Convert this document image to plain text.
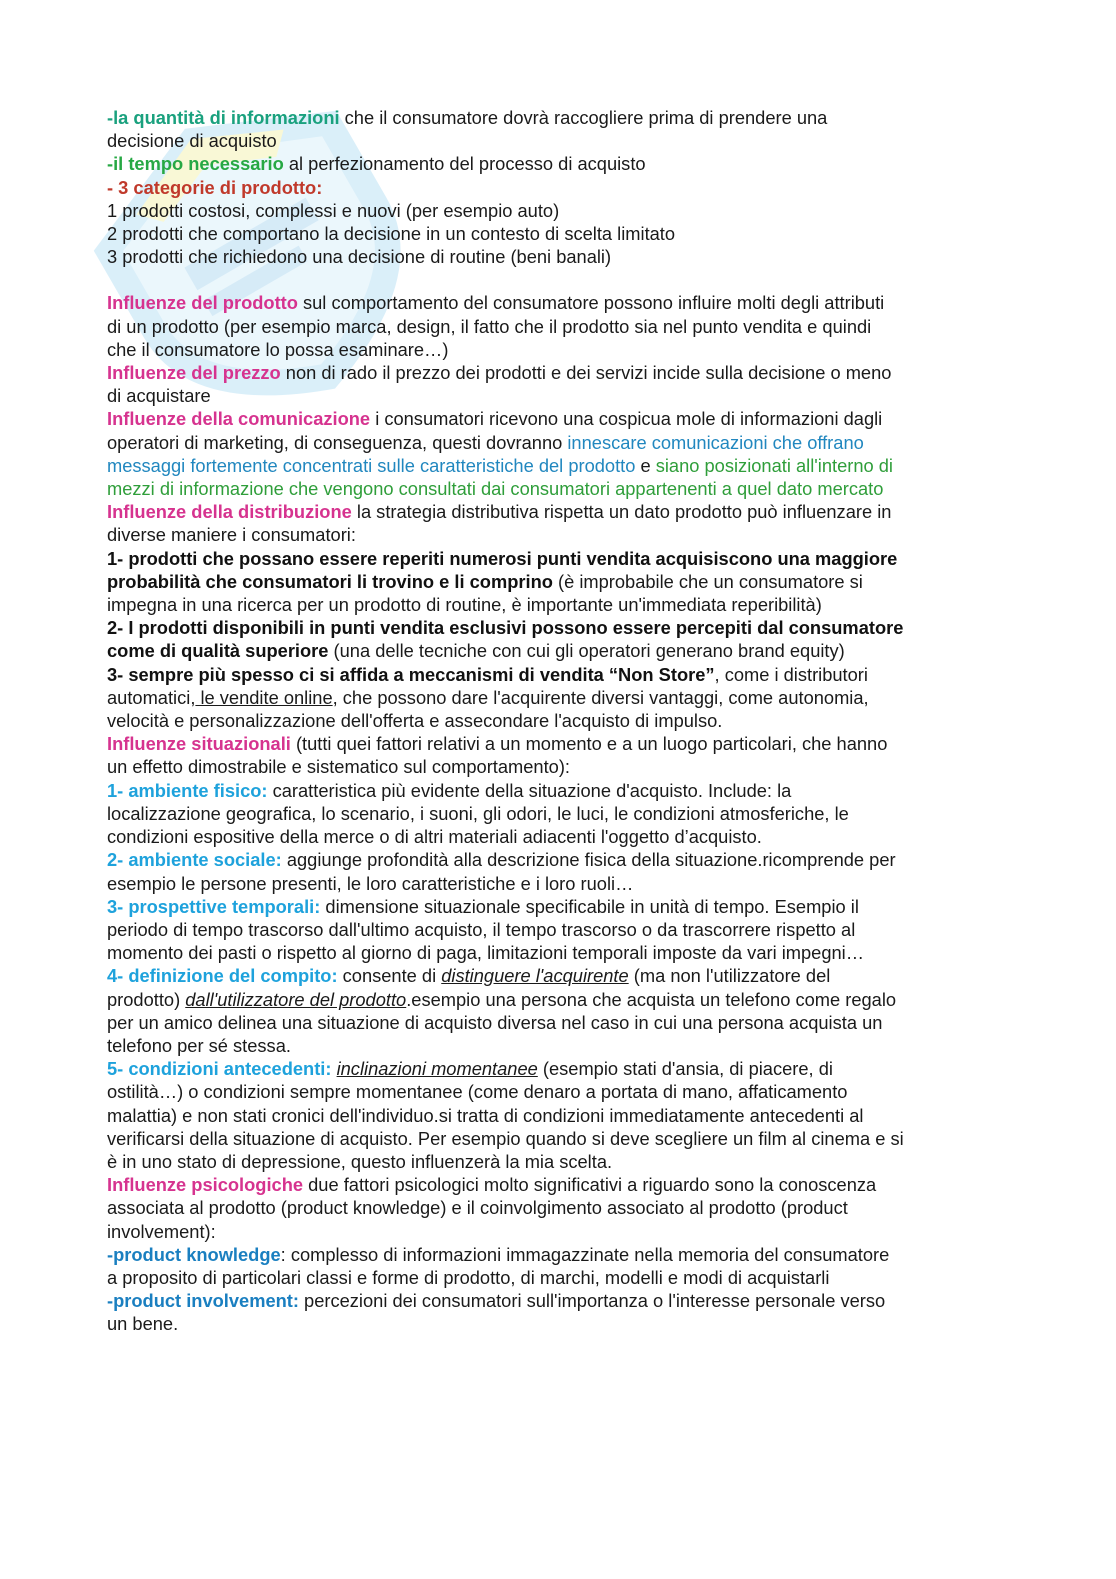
-la quantità di informazioni che il consumatore dovrà raccogliere prima di prendere una
decisione di acquisto
-il tempo necessario al perfezionamento del processo di acquisto
- 3 categorie di prodotto:
1 prodotti costosi, complessi e nuovi (per esempio auto)
2 prodotti che comportano la decisione in un contesto di scelta limitato
3 prodotti che richiedono una decisione di routine (beni banali)
Influenze del prodotto sul comportamento del consumatore possono influire molti degli attributi
di un prodotto (per esempio marca, design, il fatto che il prodotto sia nel punto vendita e quindi
che il consumatore lo possa esaminare…)
Influenze del prezzo non di rado il prezzo dei prodotti e dei servizi incide sulla decisione o meno
di acquistare
Influenze della comunicazione i consumatori ricevono una cospicua mole di informazioni dagli
operatori di marketing, di conseguenza, questi dovranno innescare comunicazioni che offrano
messaggi fortemente concentrati sulle caratteristiche del prodotto e siano posizionati all'interno di
mezzi di informazione che vengono consultati dai consumatori appartenenti a quel dato mercato
Influenze della distribuzione la strategia distributiva rispetta un dato prodotto può influenzare in
diverse maniere i consumatori:
1- prodotti che possano essere reperiti numerosi punti vendita acquisiscono una maggiore
probabilità che consumatori li trovino e li comprino (è improbabile che un consumatore si
impegna in una ricerca per un prodotto di routine, è importante un'immediata reperibilità)
2- I prodotti disponibili in punti vendita esclusivi possono essere percepiti dal consumatore
come di qualità superiore (una delle tecniche con cui gli operatori generano brand equity)
3- sempre più spesso ci si affida a meccanismi di vendita “Non Store”, come i distributori
automatici, le vendite online, che possono dare l'acquirente diversi vantaggi, come autonomia,
velocità e personalizzazione dell'offerta e assecondare l'acquisto di impulso.
Influenze situazionali (tutti quei fattori relativi a un momento e a un luogo particolari, che hanno
un effetto dimostrabile e sistematico sul comportamento):
1- ambiente fisico: caratteristica più evidente della situazione d'acquisto. Include: la
localizzazione geografica, lo scenario, i suoni, gli odori, le luci, le condizioni atmosferiche, le
condizioni espositive della merce o di altri materiali adiacenti l'oggetto d’acquisto.
2- ambiente sociale: aggiunge profondità alla descrizione fisica della situazione.ricomprende per
esempio le persone presenti, le loro caratteristiche e i loro ruoli…
3- prospettive temporali: dimensione situazionale specificabile in unità di tempo. Esempio il
periodo di tempo trascorso dall'ultimo acquisto, il tempo trascorso o da trascorrere rispetto al
momento dei pasti o rispetto al giorno di paga, limitazioni temporali imposte da vari impegni…
4- definizione del compito: consente di distinguere l'acquirente (ma non l'utilizzatore del
prodotto) dall'utilizzatore del prodotto.esempio una persona che acquista un telefono come regalo
per un amico delinea una situazione di acquisto diversa nel caso in cui una persona acquista un
telefono per sé stessa.
5- condizioni antecedenti: inclinazioni momentanee (esempio stati d'ansia, di piacere, di
ostilità…) o condizioni sempre momentanee (come denaro a portata di mano, affaticamento
malattia) e non stati cronici dell'individuo.si tratta di condizioni immediatamente antecedenti al
verificarsi della situazione di acquisto. Per esempio quando si deve scegliere un film al cinema e si
è in uno stato di depressione, questo influenzerà la mia scelta.
Influenze psicologiche due fattori psicologici molto significativi a riguardo sono la conoscenza
associata al prodotto (product knowledge) e il coinvolgimento associato al prodotto (product
involvement):
-product knowledge: complesso di informazioni immagazzinate nella memoria del consumatore
a proposito di particolari classi e forme di prodotto, di marchi, modelli e modi di acquistarli
-product involvement: percezioni dei consumatori sull'importanza o l'interesse personale verso
un bene.
